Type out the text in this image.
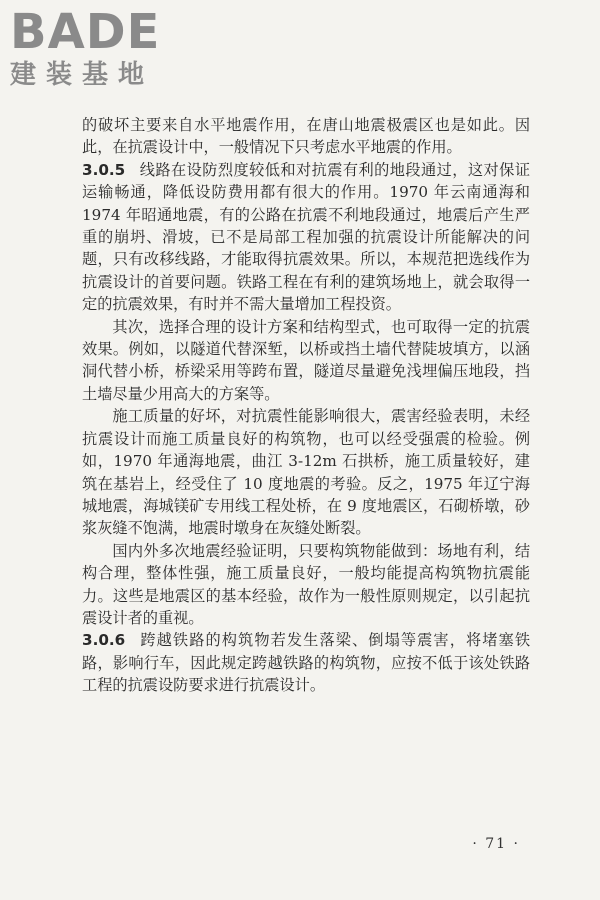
BADE
建装基地

的破坏主要来自水平地震作用，在唐山地震极震区也是如此。因此，在抗震设计中，一般情况下只考虑水平地震的作用。

3.0.5 线路在设防烈度较低和对抗震有利的地段通过，这对保证运输畅通，降低设防费用都有很大的作用。1970 年云南通海和 1974 年昭通地震，有的公路在抗震不利地段通过，地震后产生严重的崩坍、滑坡，已不是局部工程加强的抗震设计所能解决的问题，只有改移线路，才能取得抗震效果。所以，本规范把选线作为抗震设计的首要问题。铁路工程在有利的建筑场地上，就会取得一定的抗震效果，有时并不需大量增加工程投资。

其次，选择合理的设计方案和结构型式，也可取得一定的抗震效果。例如，以隧道代替深堑，以桥或挡土墙代替陡坡填方，以涵洞代替小桥，桥梁采用等跨布置，隧道尽量避免浅埋偏压地段，挡土墙尽量少用高大的方案等。

施工质量的好坏，对抗震性能影响很大，震害经验表明，未经抗震设计而施工质量良好的构筑物，也可以经受强震的检验。例如，1970 年通海地震，曲江 3-12m 石拱桥，施工质量较好，建筑在基岩上，经受住了 10 度地震的考验。反之，1975 年辽宁海城地震，海城镁矿专用线工程处桥，在 9 度地震区，石砌桥墩，砂浆灰缝不饱满，地震时墩身在灰缝处断裂。

国内外多次地震经验证明，只要构筑物能做到：场地有利，结构合理，整体性强，施工质量良好，一般均能提高构筑物抗震能力。这些是地震区的基本经验，故作为一般性原则规定，以引起抗震设计者的重视。

3.0.6 跨越铁路的构筑物若发生落梁、倒塌等震害，将堵塞铁路，影响行车，因此规定跨越铁路的构筑物，应按不低于该处铁路工程的抗震设防要求进行抗震设计。

· 71 ·
